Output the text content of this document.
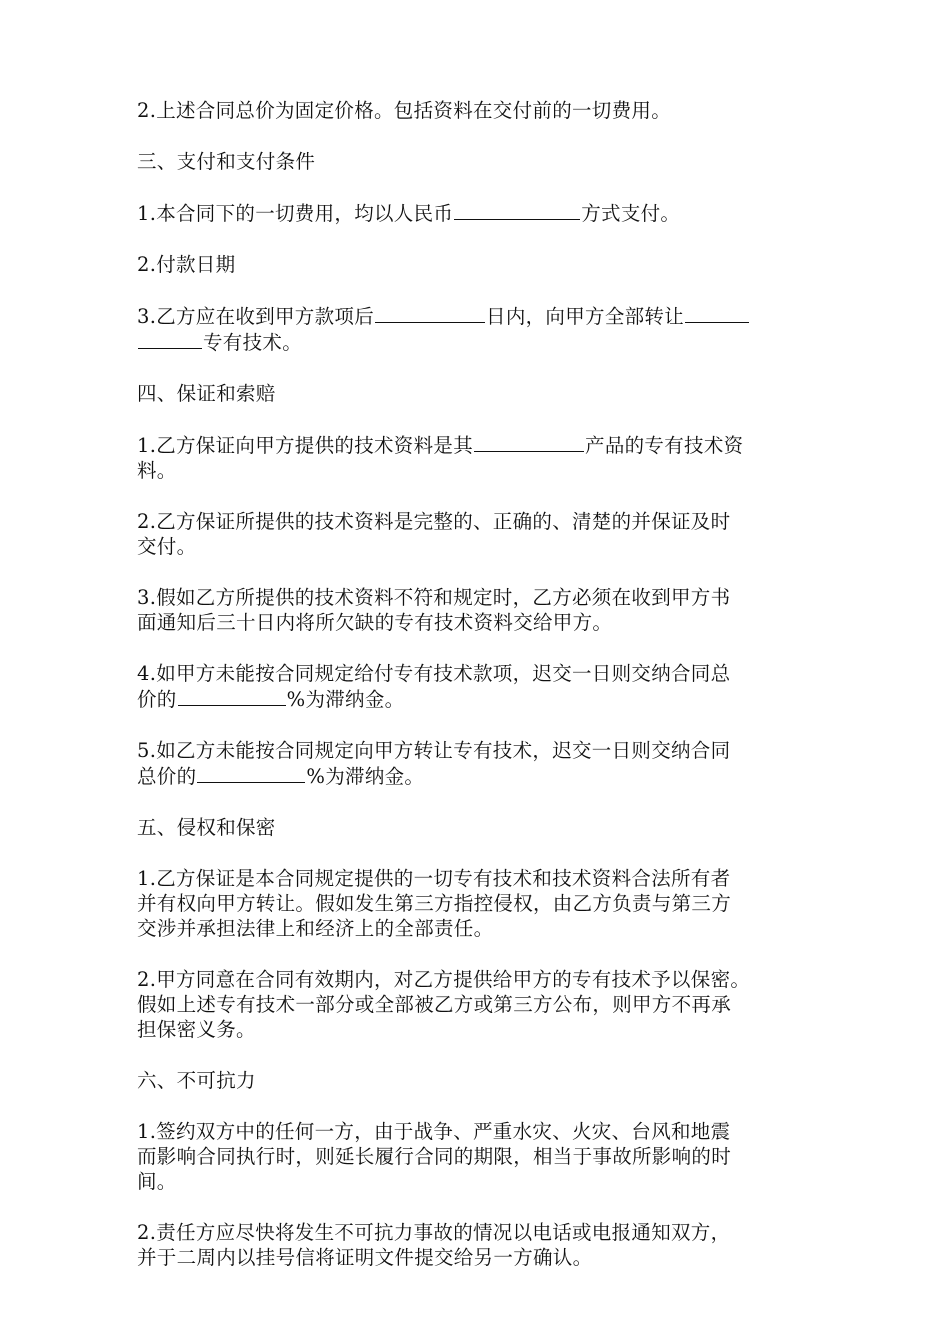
2.上述合同总价为固定价格。包括资料在交付前的一切费用。

三、支付和支付条件

1.本合同下的一切费用，均以人民币	方式支付。

2.付款日期

3.乙方应在收到甲方款项后	日内，向甲方全部转让
专有技术。

四、保证和索赔

1.乙方保证向甲方提供的技术资料是其	产品的专有技术资
料。

2.乙方保证所提供的技术资料是完整的、正确的、清楚的并保证及时
交付。

3.假如乙方所提供的技术资料不符和规定时，乙方必须在收到甲方书
面通知后三十日内将所欠缺的专有技术资料交给甲方。

4.如甲方未能按合同规定给付专有技术款项，迟交一日则交纳合同总
价的	%为滞纳金。

5.如乙方未能按合同规定向甲方转让专有技术，迟交一日则交纳合同
总价的	%为滞纳金。

五、侵权和保密

1.乙方保证是本合同规定提供的一切专有技术和技术资料合法所有者
并有权向甲方转让。假如发生第三方指控侵权，由乙方负责与第三方
交涉并承担法律上和经济上的全部责任。

2.甲方同意在合同有效期内，对乙方提供给甲方的专有技术予以保密。
假如上述专有技术一部分或全部被乙方或第三方公布，则甲方不再承
担保密义务。

六、不可抗力

1.签约双方中的任何一方，由于战争、严重水灾、火灾、台风和地震
而影响合同执行时，则延长履行合同的期限，相当于事故所影响的时
间。

2.责任方应尽快将发生不可抗力事故的情况以电话或电报通知双方，
并于二周内以挂号信将证明文件提交给另一方确认。
